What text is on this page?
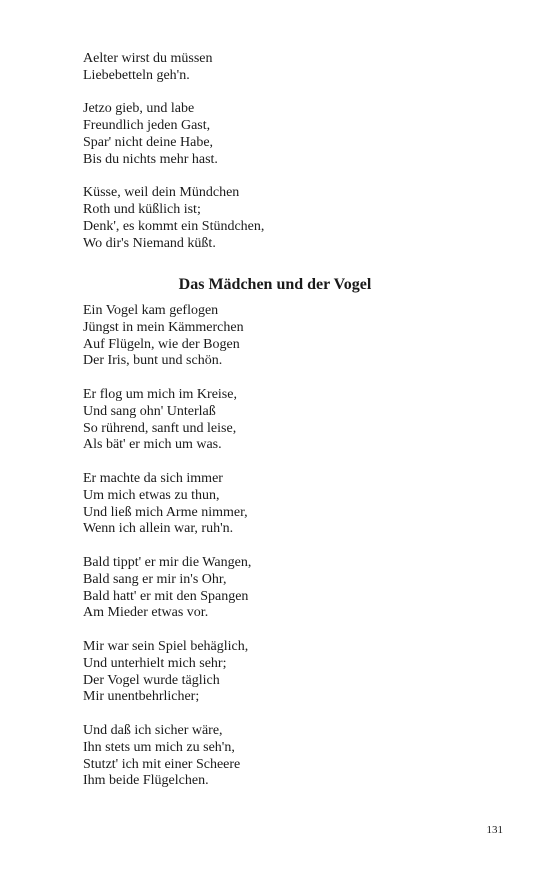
Aelter wirst du müssen
Liebebetteln geh'n.
Jetzo gieb, und labe
Freundlich jeden Gast,
Spar' nicht deine Habe,
Bis du nichts mehr hast.
Küsse, weil dein Mündchen
Roth und küßlich ist;
Denk', es kommt ein Stündchen,
Wo dir's Niemand küßt.
Das Mädchen und der Vogel
Ein Vogel kam geflogen
Jüngst in mein Kämmerchen
Auf Flügeln, wie der Bogen
Der Iris, bunt und schön.
Er flog um mich im Kreise,
Und sang ohn' Unterlaß
So rührend, sanft und leise,
Als bät' er mich um was.
Er machte da sich immer
Um mich etwas zu thun,
Und ließ mich Arme nimmer,
Wenn ich allein war, ruh'n.
Bald tippt' er mir die Wangen,
Bald sang er mir in's Ohr,
Bald hatt' er mit den Spangen
Am Mieder etwas vor.
Mir war sein Spiel behäglich,
Und unterhielt mich sehr;
Der Vogel wurde täglich
Mir unentbehrlicher;
Und daß ich sicher wäre,
Ihn stets um mich zu seh'n,
Stutzt' ich mit einer Scheere
Ihm beide Flügelchen.
131
